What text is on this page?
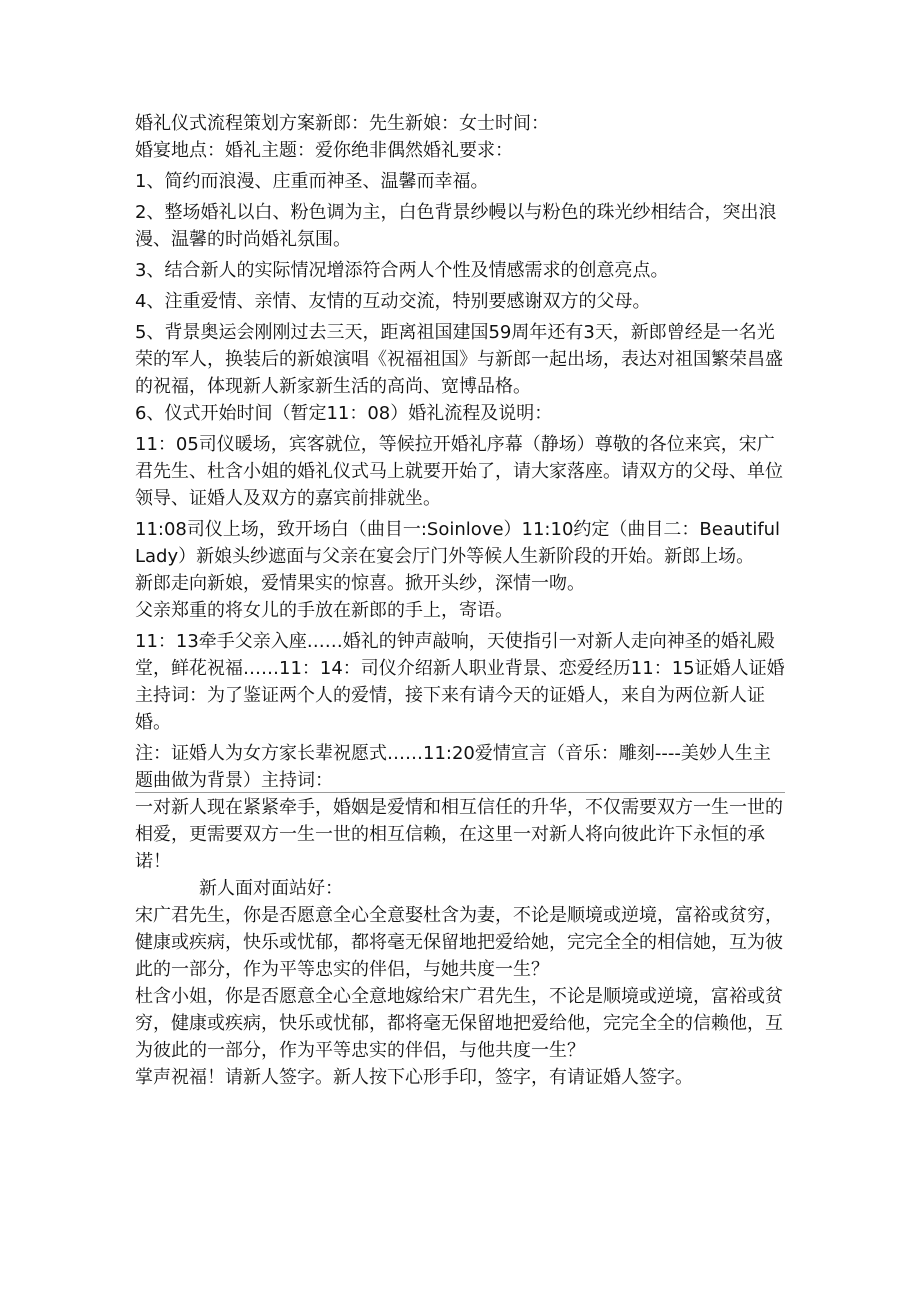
婚礼仪式流程策划方案新郎：先生新娘：女士时间：

婚宴地点：婚礼主题：爱你绝非偶然婚礼要求：

1、简约而浪漫、庄重而神圣、温馨而幸福。

2、整场婚礼以白、粉色调为主，白色背景纱幔以与粉色的珠光纱相结合，突出浪漫、温馨的时尚婚礼氛围。

3、结合新人的实际情况增添符合两人个性及情感需求的创意亮点。

4、注重爱情、亲情、友情的互动交流，特别要感谢双方的父母。

5、背景奥运会刚刚过去三天，距离祖国建国59周年还有3天，新郎曾经是一名光荣的军人，换装后的新娘演唱《祝福祖国》与新郎一起出场，表达对祖国繁荣昌盛的祝福，体现新人新家新生活的高尚、宽博品格。

6、仪式开始时间（暂定11：08）婚礼流程及说明：

11：05司仪暖场，宾客就位，等候拉开婚礼序幕（静场）尊敬的各位来宾，宋广君先生、杜含小姐的婚礼仪式马上就要开始了，请大家落座。请双方的父母、单位领导、证婚人及双方的嘉宾前排就坐。

11:08司仪上场，致开场白（曲目一:Soinlove）11:10约定（曲目二：BeautifulLady）新娘头纱遮面与父亲在宴会厅门外等候人生新阶段的开始。新郎上场。

新郎走向新娘，爱情果实的惊喜。掀开头纱，深情一吻。

父亲郑重的将女儿的手放在新郎的手上，寄语。

11：13牵手父亲入座……婚礼的钟声敲响，天使指引一对新人走向神圣的婚礼殿堂，鲜花祝福……11：14：司仪介绍新人职业背景、恋爱经历11：15证婚人证婚主持词：为了鉴证两个人的爱情，接下来有请今天的证婚人，来自为两位新人证婚。

注：证婚人为女方家长辈祝愿式……11:20爱情宣言（音乐：雕刻----美妙人生主题曲做为背景）主持词：

一对新人现在紧紧牵手，婚姻是爱情和相互信任的升华，不仅需要双方一生一世的相爱，更需要双方一生一世的相互信赖，在这里一对新人将向彼此许下永恒的承诺！

新人面对面站好：

宋广君先生，你是否愿意全心全意娶杜含为妻，不论是顺境或逆境，富裕或贫穷，健康或疾病，快乐或忧郁，都将毫无保留地把爱给她，完完全全的相信她，互为彼此的一部分，作为平等忠实的伴侣，与她共度一生？

杜含小姐，你是否愿意全心全意地嫁给宋广君先生，不论是顺境或逆境，富裕或贫穷，健康或疾病，快乐或忧郁，都将毫无保留地把爱给他，完完全全的信赖他，互为彼此的一部分，作为平等忠实的伴侣，与他共度一生？

掌声祝福！请新人签字。新人按下心形手印，签字，有请证婚人签字。
